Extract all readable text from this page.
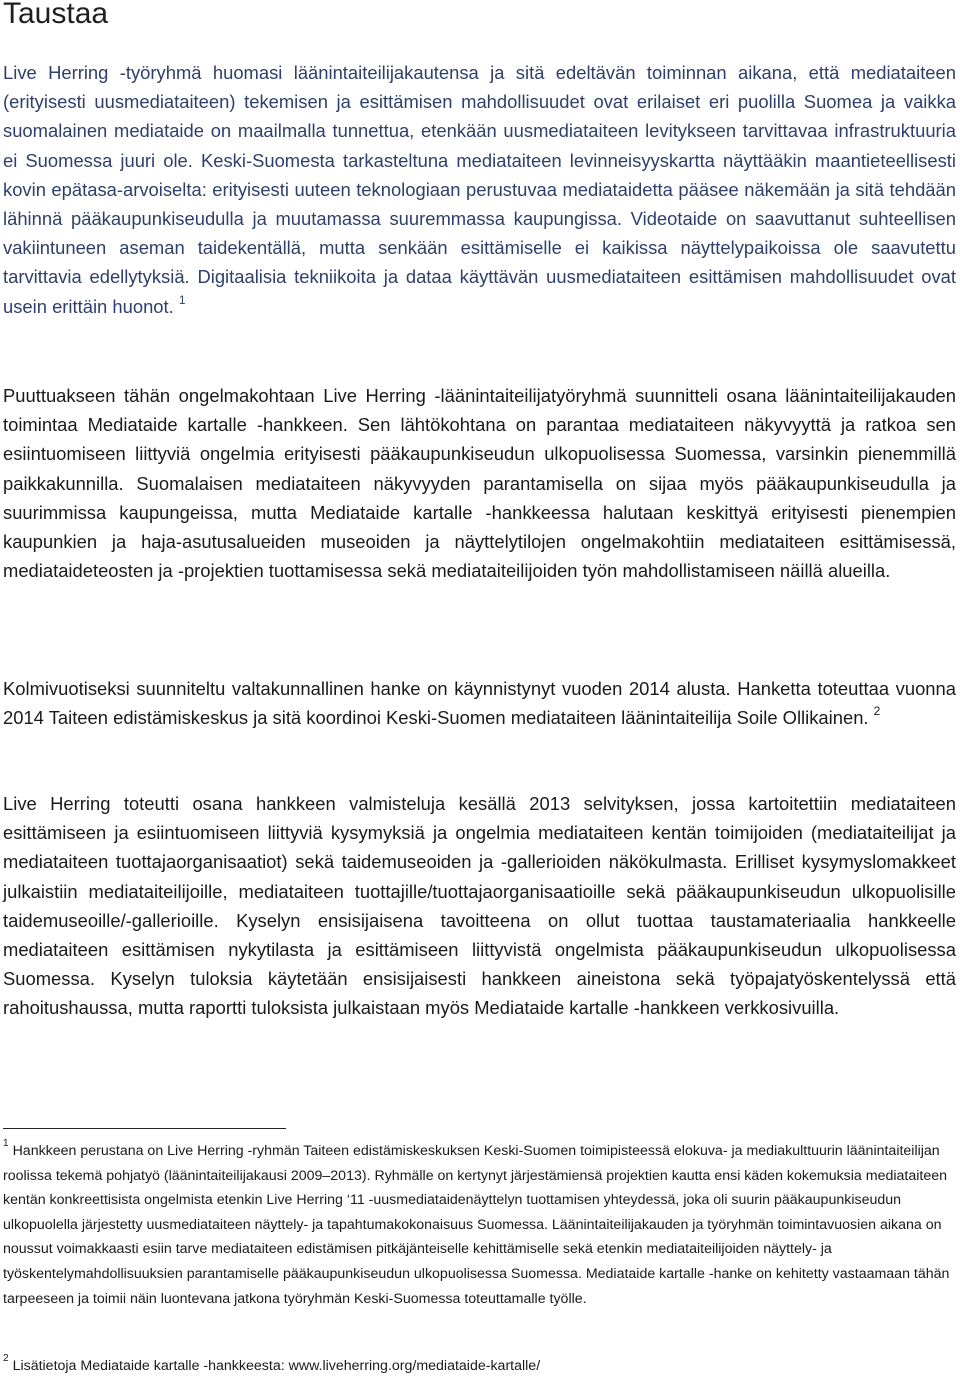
Taustaa

Live Herring -työryhmä huomasi läänintaiteilijakautensa ja sitä edeltävän toiminnan aikana, että mediataiteen (erityisesti uusmediataiteen) tekemisen ja esittämisen mahdollisuudet ovat erilaiset eri puolilla Suomea ja vaikka suomalainen mediataide on maailmalla tunnettua, etenkään uusmediataiteen levitykseen tarvittavaa infrastruktuuria ei Suomessa juuri ole. Keski-Suomesta tarkasteltuna mediataiteen levinneisyyskartta näyttääkin maantieteellisesti kovin epätasa-arvoiselta: erityisesti uuteen teknologiaan perustuvaa mediataidetta pääsee näkemään ja sitä tehdään lähinnä pääkaupunkiseudulla ja muutamassa suuremmassa kaupungissa. Videotaide on saavuttanut suhteellisen vakiintuneen aseman taidekentällä, mutta senkään esittämiselle ei kaikissa näyttelypaikoissa ole saavutettu tarvittavia edellytyksiä. Digitaalisia tekniikoita ja dataa käyttävän uusmediataiteen esittämisen mahdollisuudet ovat usein erittäin huonot. $^1$

Puuttuakseen tähän ongelmakohtaan Live Herring -läänintaiteilijatyöryhmä suunnitteli osana läänintaiteilijakauden toimintaa Mediataide kartalle -hankkeen. Sen lähtökohtana on parantaa mediataiteen näkyvyyttä ja ratkoa sen esiintuomiseen liittyviä ongelmia erityisesti pääkaupunkiseudun ulkopuolisessa Suomessa, varsinkin pienemmillä paikkakunnilla. Suomalaisen mediataiteen näkyvyyden parantamisella on sijaa myös pääkaupunkiseudulla ja suurimmissa kaupungeissa, mutta Mediataide kartalle -hankkeessa halutaan keskittyä erityisesti pienempien kaupunkien ja haja-asutusalueiden museoiden ja näyttelytilojen ongelmakohtiin mediataiteen esittämisessä, mediataideteosten ja -projektien tuottamisessa sekä mediataiteilijoiden työn mahdollistamiseen näillä alueilla.

Kolmivuotiseksi suunniteltu valtakunnallinen hanke on käynnistynyt vuoden 2014 alusta. Hanketta toteuttaa vuonna 2014 Taiteen edistämiskeskus ja sitä koordinoi Keski-Suomen mediataiteen läänintaiteilija Soile Ollikainen. $^2$

Live Herring toteutti osana hankkeen valmisteluja kesällä 2013 selvityksen, jossa kartoitettiin mediataiteen esittämiseen ja esiintuomiseen liittyviä kysymyksiä ja ongelmia mediataiteen kentän toimijoiden (mediataiteilijat ja mediataiteen tuottajaorganisaatiot) sekä taidemuseoiden ja -gallerioiden näkökulmasta. Erilliset kysymyslomakkeet julkaistiin mediataiteilijoille, mediataiteen tuottajille/tuottajaorganisaatioille sekä pääkaupunkiseudun ulkopuolisille taidemuseoille/-gallerioille. Kyselyn ensisijaisena tavoitteena on ollut tuottaa taustamateriaalia hankkeelle mediataiteen esittämisen nykytilasta ja esittämiseen liittyvistä ongelmista pääkaupunkiseudun ulkopuolisessa Suomessa. Kyselyn tuloksia käytetään ensisijaisesti hankkeen aineistona sekä työpajatyöskentelyssä että rahoitushaussa, mutta raportti tuloksista julkaistaan myös Mediataide kartalle -hankkeen verkkosivuilla.

$^1$ Hankkeen perustana on Live Herring -ryhmän Taiteen edistämiskeskuksen Keski-Suomen toimipisteessä elokuva- ja mediakulttuurin läänintaiteilijan roolissa tekemä pohjatyö (läänintaiteilijakausi 2009–2013). Ryhmälle on kertynyt järjestämiensä projektien kautta ensi käden kokemuksia mediataiteen kentän konkreettisista ongelmista etenkin Live Herring ‘11 -uusmediataidenäyttelyn tuottamisen yhteydessä, joka oli suurin pääkaupunkiseudun ulkopuolella järjestetty uusmediataiteen näyttely- ja tapahtumakokonaisuus Suomessa. Läänintaiteilijakauden ja työryhmän toimintavuosien aikana on noussut voimakkaasti esiin tarve mediataiteen edistämisen pitkäjänteiselle kehittämiselle sekä etenkin mediataiteilijoiden näyttely- ja työskentelymahdollisuuksien parantamiselle pääkaupunkiseudun ulkopuolisessa Suomessa. Mediataide kartalle -hanke on kehitetty vastaamaan tähän tarpeeseen ja toimii näin luontevana jatkona työryhmän Keski-Suomessa toteuttamalle työlle.

$^2$ Lisätietoja Mediataide kartalle -hankkeesta: www.liveherring.org/mediataide-kartalle/
